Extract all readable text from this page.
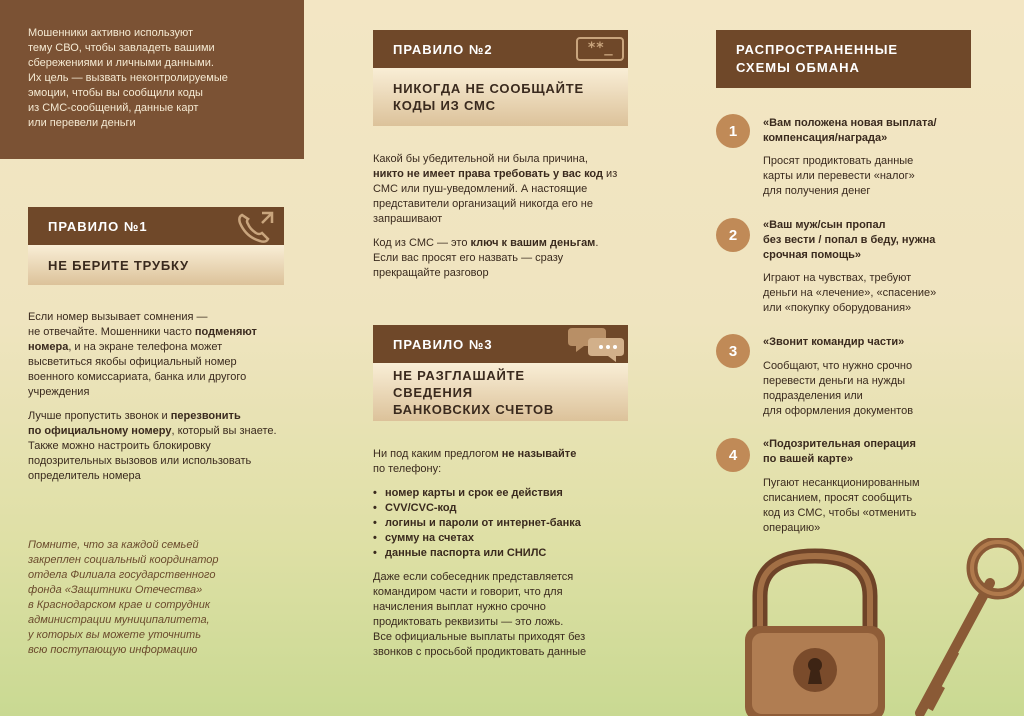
Мошенники активно используют
тему СВО, чтобы завладеть вашими
сбережениями и личными данными.
Их цель — вызвать неконтролируемые
эмоции, чтобы вы сообщили коды
из СМС-сообщений, данные карт
или перевели деньги

ПРАВИЛО №1
НЕ БЕРИТЕ ТРУБКУ

Если номер вызывает сомнения —
не отвечайте. Мошенники часто подменяют
номера, и на экране телефона может
высветиться якобы официальный номер
военного комиссариата, банка или другого
учреждения

Лучше пропустить звонок и перезвонить
по официальному номеру, который вы знаете.
Также можно настроить блокировку
подозрительных вызовов или использовать
определитель номера

Помните, что за каждой семьей
закреплен социальный координатор
отдела Филиала государственного
фонда «Защитники Отечества»
в Краснодарском крае и сотрудник
администрации муниципалитета,
у которых вы можете уточнить
всю поступающую информацию

ПРАВИЛО №2	**_
НИКОГДА НЕ СООБЩАЙТЕ
КОДЫ ИЗ СМС

Какой бы убедительной ни была причина,
никто не имеет права требовать у вас код из
СМС или пуш-уведомлений. А настоящие
представители организаций никогда его не
запрашивают

Код из СМС — это ключ к вашим деньгам.
Если вас просят его назвать — сразу
прекращайте разговор

ПРАВИЛО №3
НЕ РАЗГЛАШАЙТЕ СВЕДЕНИЯ
БАНКОВСКИХ СЧЕТОВ

Ни под каким предлогом не называйте
по телефону:

• номер карты и срок ее действия
• CVV/CVC-код
• логины и пароли от интернет-банка
• сумму на счетах
• данные паспорта или СНИЛС

Даже если собеседник представляется
командиром части и говорит, что для
начисления выплат нужно срочно
продиктовать реквизиты — это ложь.
Все официальные выплаты приходят без
звонков с просьбой продиктовать данные

РАСПРОСТРАНЕННЫЕ
СХЕМЫ ОБМАНА
1	«Вам положена новая выплата/
компенсация/награда»
Просят продиктовать данные
карты или перевести «налог»
для получения денег
2
«Ваш муж/сын пропал
без вести / попал в беду, нужна
срочная помощь»
Играют на чувствах, требуют
деньги на «лечение», «спасение»
или «покупку оборудования»
3
«Звонит командир части»
Сообщают, что нужно срочно
перевести деньги на нужды
подразделения или
для оформления документов
4
«Подозрительная операция
по вашей карте»
Пугают несанкционированным
списанием, просят сообщить
код из СМС, чтобы «отменить
операцию»
